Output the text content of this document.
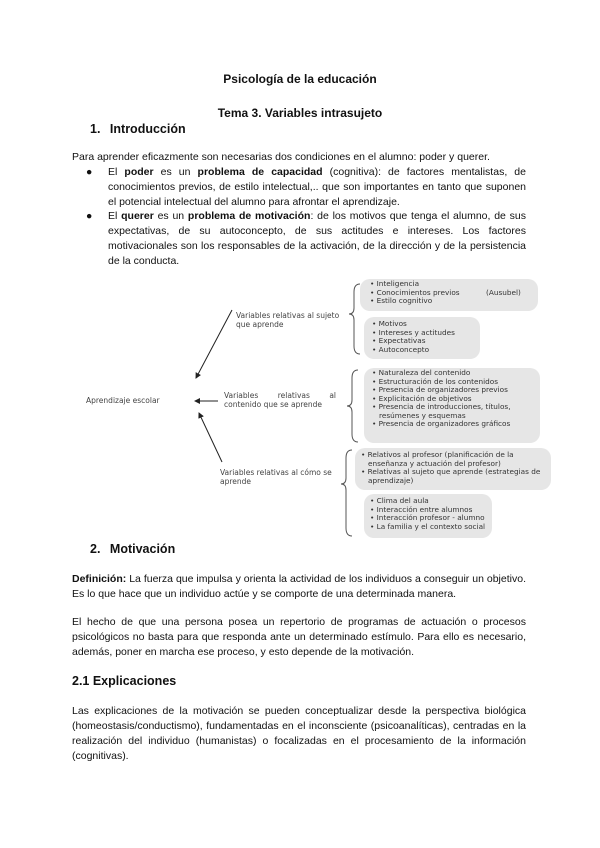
Psicología de la educación
Tema 3. Variables intrasujeto
1. Introducción
Para aprender eficazmente son necesarias dos condiciones en el alumno: poder y querer.
● El poder es un problema de capacidad (cognitiva): de factores mentalistas, de conocimientos previos, de estilo intelectual,.. que son importantes en tanto que suponen el potencial intelectual del alumno para afrontar el aprendizaje.
● El querer es un problema de motivación: de los motivos que tenga el alumno, de sus expectativas, de su autoconcepto, de sus actitudes e intereses. Los factores motivacionales son los responsables de la activación, de la dirección y de la persistencia de la conducta.
Aprendizaje escolar
Variables relativas al sujeto que aprende
Variables relativas al contenido que se aprende
Variables relativas al cómo se aprende
• Inteligencia
• Conocimientos previos
• Estilo cognitivo
(Ausubel)
• Motivos
• Intereses y actitudes
• Expectativas
• Autoconcepto
• Naturaleza del contenido
• Estructuración de los contenidos
• Presencia de organizadores previos
• Explicitación de objetivos
• Presencia de introducciones, títulos, resúmenes y esquemas
• Presencia de organizadores gráficos
• Relativos al profesor (planificación de la enseñanza y actuación del profesor)
• Relativas al sujeto que aprende (estrategias de aprendizaje)
• Clima del aula
• Interacción entre alumnos
• Interacción profesor - alumno
• La familia y el contexto social
2. Motivación
Definición: La fuerza que impulsa y orienta la actividad de los individuos a conseguir un objetivo. Es lo que hace que un individuo actúe y se comporte de una determinada manera.
El hecho de que una persona posea un repertorio de programas de actuación o procesos psicológicos no basta para que responda ante un determinado estímulo. Para ello es necesario, además, poner en marcha ese proceso, y esto depende de la motivación.
2.1 Explicaciones
Las explicaciones de la motivación se pueden conceptualizar desde la perspectiva biológica (homeostasis/conductismo), fundamentadas en el inconsciente (psicoanalíticas), centradas en la realización del individuo (humanistas) o focalizadas en el procesamiento de la información (cognitivas).
